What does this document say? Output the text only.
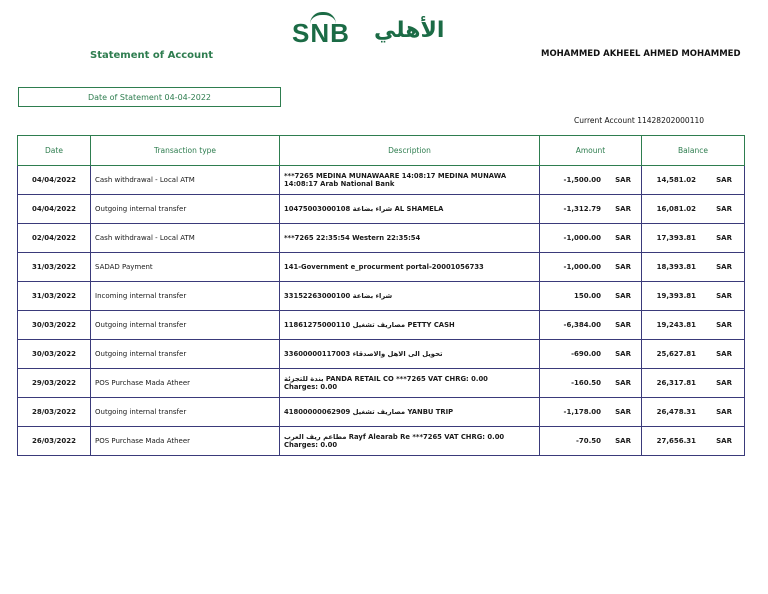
SNB الأهلي
Statement of Account	MOHAMMED AKHEEL AHMED MOHAMMED
Date of Statement 04-04-2022
Current Account 11428202000110
Date	Transaction type	Description	Amount	Balance
04/04/2022	Cash withdrawal - Local ATM	***7265 MEDINA MUNAWAARE 14:08:17 MEDINA MUNAWA
14:08:17 Arab National Bank	-1,500.00 SAR	14,581.02 SAR

04/04/2022	Outgoing internal transfer	10475003000108 شراء بضاعة AL SHAMELA	-1,312.79 SAR	16,081.02 SAR

02/04/2022	Cash withdrawal - Local ATM	***7265 22:35:54 Western 22:35:54	-1,000.00 SAR	17,393.81 SAR

31/03/2022	SADAD Payment	141-Government e_procurment portal-20001056733	-1,000.00 SAR	18,393.81 SAR

31/03/2022	Incoming internal transfer	33152263000100 شراء بضاعة	150.00 SAR	19,393.81 SAR

30/03/2022	Outgoing internal transfer	11861275000110 مصاريف تشغيل PETTY CASH	-6,384.00 SAR	19,243.81 SAR

30/03/2022	Outgoing internal transfer	33600000117003 تحويل الى الاهل والاصدقاء	-690.00 SAR	25,627.81 SAR

29/03/2022	POS Purchase Mada Atheer	بندة للتجزئة PANDA RETAIL CO ***7265 VAT CHRG: 0.00
Charges: 0.00	-160.50 SAR	26,317.81 SAR

28/03/2022	Outgoing internal transfer	41800000062909 مصاريف تشغيل YANBU TRIP	-1,178.00 SAR	26,478.31 SAR

26/03/2022	POS Purchase Mada Atheer	مطاعم ريف العرب Rayf Alearab Re ***7265 VAT CHRG: 0.00
Charges: 0.00	-70.50 SAR	27,656.31 SAR
